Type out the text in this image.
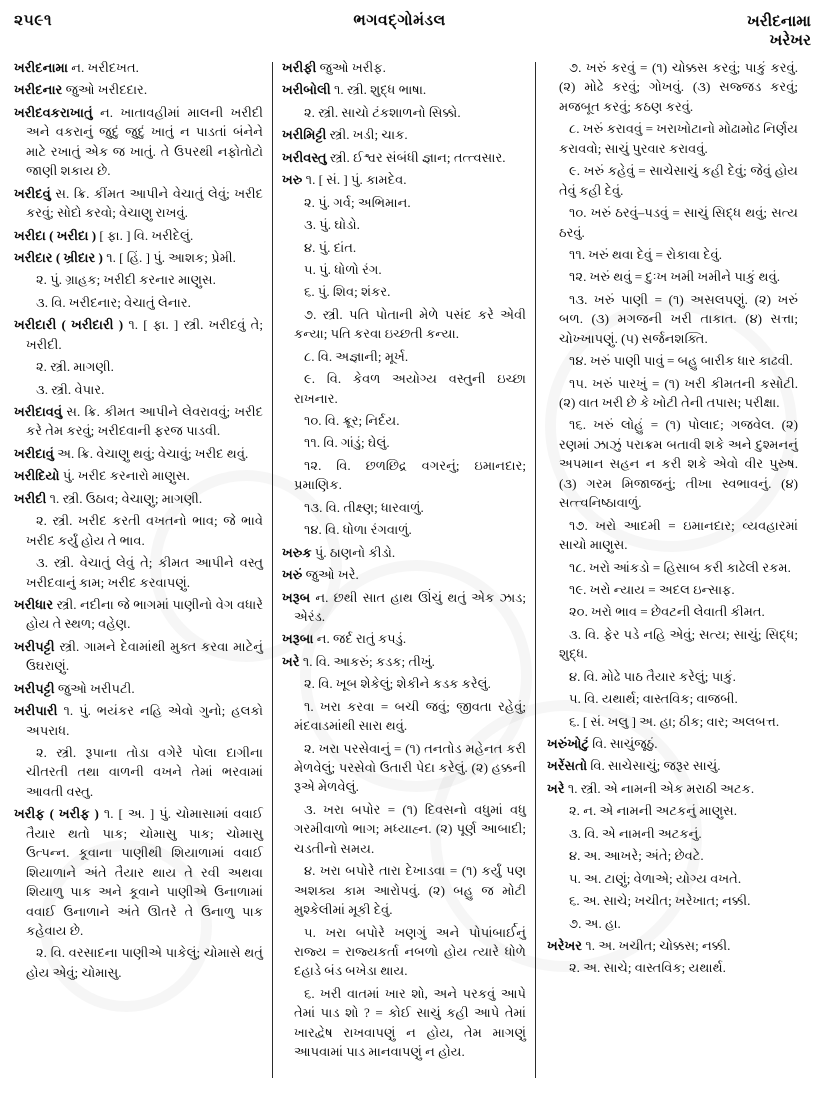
૨૫૯૧	ભગવદ્‌ગોમંડલ	ખરીદનામા
ખરેખર

ખરીદનામા ન. ખરીદખત.

ખરીદનાર જુઓ ખરીદદાર.

ખરીદવકરાખાતું ન. ખાતાવહીમાં માલની ખરીદી અને વકરાનું જુદું જુદું ખાતું ન પાડતાં બંનેને માટે રખાતું એક જ ખાતું. તે ઉપરથી નફોતોટો જાણી શકાય છે.

ખરીદવું સ. ક્રિ. કીંમત આપીને વેચાતું લેવું; ખરીદ કરવું; સોદો કરવો; વેચાણુ રાખવું.

ખરીદા ( ખરીદા ) [ ફા. ] વિ. ખરીદેલું.

ખરીદાર ( ખ્રીદાર ) ૧. [ હિં. ] પું. આશક; પ્રેમી.

૨. પું. ગ્રાહક; ખરીદી કરનાર માણુસ.

૩. વિ. ખરીદનાર; વેચાતું લેનાર.

ખરીદારી ( ખરીદારી ) ૧. [ ફા. ] સ્ત્રી. ખરીદવું તે; ખરીદી.

૨. સ્ત્રી. માગણી.

૩. સ્ત્રી. વેપાર.

ખરીદાવવું સ. ક્રિ. કીમત આપીને લેવરાવવું; ખરીદ કરે તેમ કરવું; ખરીદવાની ફરજ પાડવી.

ખરીદાવું અ. ક્રિ. વેચાણુ થવું; વેચાવું; ખરીદ થવું.

ખરીદિયો પું. ખરીદ કરનારો માણુસ.

ખરીદી ૧. સ્ત્રી. ઉઠાવ; વેચાણુ; માગણી.

૨. સ્ત્રી. ખરીદ કરતી વખતનો ભાવ; જે ભાવે ખરીદ કર્યું હોય તે ભાવ.

૩. સ્ત્રી. વેચાતું લેવું તે; કીમત આપીને વસ્તુ ખરીદવાનું કામ; ખરીદ કરવાપણું.

ખરીધાર સ્ત્રી. નદીના જે ભાગમાં પાણીનો વેગ વધારે હોય તે સ્થળ; વહેણ.

ખરીપટ્ટી સ્ત્રી. ગામને દેવામાંથી મુક્ત કરવા માટેનું ઉઘરાણું.

ખરીપટ્ટી જુઓ ખરીપટી.

ખરીપારી ૧. પું. ભયંકર નહિ એવો ગુનો; હલકો અપરાધ.

૨. સ્ત્રી. રૂપાના તોડા વગેરે પોલા દાગીના ચીતરતી તથા વાળની વખને તેમાં ભરવામાં આવતી વસ્તુ.

ખરીફ ( ખરીફ ) ૧. [ અ. ] પું. ચોમાસામાં વવાઈ તૈયાર થતો પાક; ચોમાસુ પાક; ચોમાસુ ઉત્પન્ન. કૂવાના પાણીથી શિયાળામાં વવાઈ શિયાળાને અંતે તૈયાર થાય તે રવી અથવા શિયાળુ પાક અને કૂવાને પાણીએ ઉનાળામાં વવાઈ ઉનાળાને અંતે ઊતરે તે ઉનાળુ પાક કહેવાય છે.

૨. વિ. વરસાદના પાણીએ પાકેલું; ચોમાસે થતું હોય એવું; ચોમાસુ.

ખરીફી જુઓ ખરીફ.

ખરીબોલી ૧. સ્ત્રી. શુદ્ધ ભાષા.

૨. સ્ત્રી. સાચો ટંકશાળનો સિક્કો.

ખરીમિટ્ટી સ્ત્રી. ખડી; ચાક.

ખરીવસ્તુ સ્ત્રી. ઈશ્વર સંબંધી જ્ઞાન; તત્ત્વસાર.

ખરુ ૧. [ સં. ] પું. કામદેવ.

૨. પું. ગર્વ; અભિમાન.

૩. પું. ઘોડો.

૪. પું. દાંત.

૫. પું. ધોળો રંગ.

૬. પું. શિવ; શંકર.

૭. સ્ત્રી. પતિ પોતાની મેળે પસંદ કરે એવી કન્યા; પતિ કરવા ઇચ્છતી કન્યા.

૮. વિ. અજ્ઞાની; મૂર્ખ.

૯. વિ. કેવળ અયોગ્ય વસ્તુની ઇચ્છા રાખનાર.

૧૦. વિ. ક્રૂર; નિર્દય.

૧૧. વિ. ગાંડું; ઘેલું.

૧૨. વિ. છળછિદ્ર વગરનું; ઇમાનદાર; પ્રમાણિક.

૧૩. વિ. તીક્ષ્ણ; ધારવાળું.

૧૪. વિ. ધોળા રંગવાળું.

ખરુક પું. ઠાણનો કીડો.

ખરું જુઓ ખરે.

ખરૂબ ન. છથી સાત હાથ ઊંચું થતું એક ઝાડ; એરંડ.

ખરૂબા ન. જર્દ રાતું કપડું.

ખરે ૧. વિ. આકરું; કડક; તીખું.

૨. વિ. ખૂબ શેકેલું; શેકીને કડક કરેલું.

૧. ખરા કરવા = બચી જવું; જીવતા રહેવું; મંદવાડમાંથી સારા થવું.

૨. ખરા પરસેવાનું = (૧) તનતોડ મહેનત કરી મેળવેલું; પરસેવો ઉતારી પેદા કરેલું. (૨) હક્કની રૂએ મેળવેલું.

૩. ખરા બપોર = (૧) દિવસનો વધુમાં વધુ ગરમીવાળો ભાગ; મધ્યાહ્ન. (૨) પૂર્ણ આબાદી; ચડતીનો સમય.

૪. ખરા બપોરે તારા દેખાડવા = (૧) કર્યું પણ અશક્ય કામ આરોપવું. (૨) બહુ જ મોટી મુશ્કેલીમાં મૂકી દેવું.

૫. ખરા બપોરે ખણગું અને પોપાંબાર્ઈનું રાજ્ય = રાજ્યકર્તા નબળો હોય ત્યારે ધોળે દહાડે બંડ બખેડા થાય.

૬. ખરી વાતમાં ખાર શો, અને પરકવું આપે તેમાં પાડ શો ? = કોઈ સાચું કહી આપે તેમાં ખારદ્વેષ રાખવાપણું ન હોય, તેમ માગણું આપવામાં પાડ માનવાપણું ન હોય.

૭. ખરું કરવું = (૧) ચોક્કસ કરવું; પાકું કરવું. (૨) મોઢે કરવું; ગોખવું. (૩) સજ્જડ કરવું; મજબૂત કરવું; કઠણ કરવું.

૮. ખરું કરાવવું = ખરાખોટાનો મોઢામોઢ નિર્ણય કરાવવો; સાચું પુરવાર કરાવવું.

૯. ખરું કહેવું = સાચેસાચું કહી દેવું; જેવું હોય તેવું કહી દેવું.

૧૦. ખરું ઠરવું–પડવું = સાચું સિદ્ધ થવું; સત્ય ઠરવું.

૧૧. ખરું થવા દેવું = રોકાવા દેવું.

૧૨. ખરું થવું = દુઃખ ખમી ખમીને પાકું થવું.

૧૩. ખરું પાણી = (૧) અસલપણું. (૨) ખરું બળ. (૩) મગજની ખરી તાકાત. (૪) સત્તા; ચોખ્ખાપણું. (૫) સર્જનશક્તિ.

૧૪. ખરું પાણી પાવું = બહુ બારીક ધાર કાઢવી.

૧૫. ખરું પારખું = (૧) ખરી કીમતની કસોટી. (૨) વાત ખરી છે કે ખોટી તેની તપાસ; પરીક્ષા.

૧૬. ખરું લોહું = (૧) પોલાદ; ગજવેલ. (૨) રણમાં ઝાઝું પરાક્રમ બતાવી શકે અને દુશ્મનનું અપમાન સહન ન કરી શકે એવો વીર પુરુષ. (૩) ગરમ મિજાજનું; તીખા સ્વભાવનું. (૪) સત્ત્વનિષ્ઠાવાળું.

૧૭. ખરો આદમી = ઇમાનદાર; વ્યવહારમાં સાચો માણુસ.

૧૮. ખરો આંકડો = હિસાબ કરી કાઢેલી રકમ.

૧૯. ખરો ન્યાય = અદલ ઇન્સાફ.

૨૦. ખરો ભાવ = છેવટની લેવાતી કીમત.

૩. વિ. ફેર પડે નહિ એવું; સત્ય; સાચું; સિદ્ધ; શુદ્ધ.

૪. વિ. મોઢે પાઠ તૈયાર કરેલું; પાકું.

૫. વિ. યથાર્થ; વાસ્તવિક; વાજબી.

૬. [ સં. ખલુ ] અ. હા; ઠીક; વાર; અલબત્ત.

ખરુંખોટું વિ. સાચુંજૂઠું.

ખરેંસતો વિ. સાચેસાચું; જરૂર સાચું.

ખરે ૧. સ્ત્રી. એ નામની એક મરાઠી અટક.

૨. ન. એ નામની અટકનું માણુસ.

૩. વિ. એ નામની અટકનું.

૪. અ. આખરે; અંતે; છેવટે.

૫. અ. ટાણું; વેળાએ; યોગ્ય વખતે.

૬. અ. સાચે; ખચીત; ખરેખાત; નક્કી.

૭. અ. હા.

ખરેખર ૧. અ. ખચીત; ચોક્કસ; નક્કી.

૨. અ. સાચે; વાસ્તવિક; યથાર્થ.
